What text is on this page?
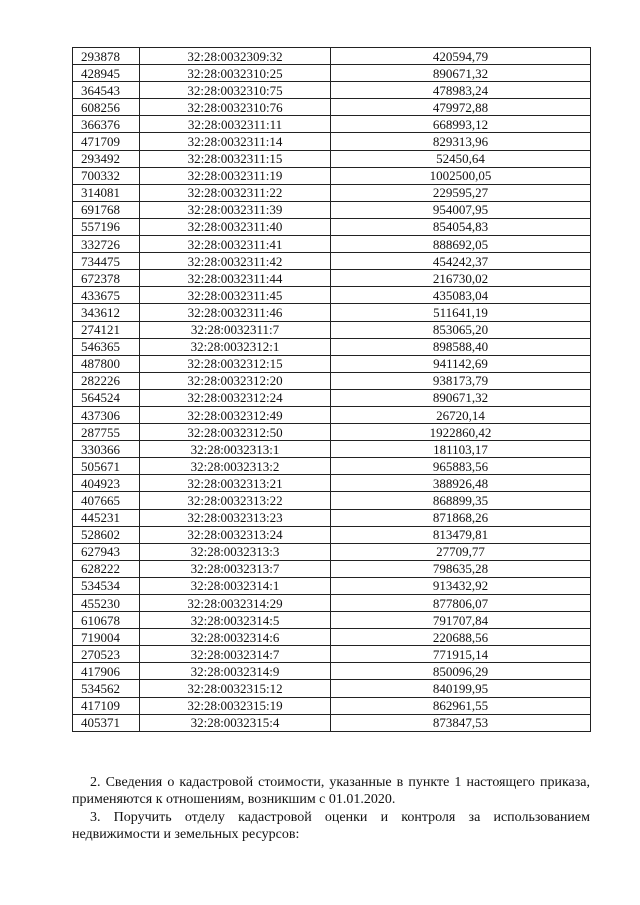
293878	32:28:0032309:32	420594,79
428945	32:28:0032310:25	890671,32
364543	32:28:0032310:75	478983,24
608256	32:28:0032310:76	479972,88
366376	32:28:0032311:11	668993,12
471709	32:28:0032311:14	829313,96
293492	32:28:0032311:15	52450,64
700332	32:28:0032311:19	1002500,05
314081	32:28:0032311:22	229595,27
691768	32:28:0032311:39	954007,95
557196	32:28:0032311:40	854054,83
332726	32:28:0032311:41	888692,05
734475	32:28:0032311:42	454242,37
672378	32:28:0032311:44	216730,02
433675	32:28:0032311:45	435083,04
343612	32:28:0032311:46	511641,19
274121	32:28:0032311:7	853065,20
546365	32:28:0032312:1	898588,40
487800	32:28:0032312:15	941142,69
282226	32:28:0032312:20	938173,79
564524	32:28:0032312:24	890671,32
437306	32:28:0032312:49	26720,14
287755	32:28:0032312:50	1922860,42
330366	32:28:0032313:1	181103,17
505671	32:28:0032313:2	965883,56
404923	32:28:0032313:21	388926,48
407665	32:28:0032313:22	868899,35
445231	32:28:0032313:23	871868,26
528602	32:28:0032313:24	813479,81
627943	32:28:0032313:3	27709,77
628222	32:28:0032313:7	798635,28
534534	32:28:0032314:1	913432,92
455230	32:28:0032314:29	877806,07
610678	32:28:0032314:5	791707,84
719004	32:28:0032314:6	220688,56
270523	32:28:0032314:7	771915,14
417906	32:28:0032314:9	850096,29
534562	32:28:0032315:12	840199,95
417109	32:28:0032315:19	862961,55
405371	32:28:0032315:4	873847,53
2. Сведения о кадастровой стоимости, указанные в пункте 1 настоящего приказа, применяются к отношениям, возникшим с 01.01.2020.
3. Поручить отделу кадастровой оценки и контроля за использованием недвижимости и земельных ресурсов:
